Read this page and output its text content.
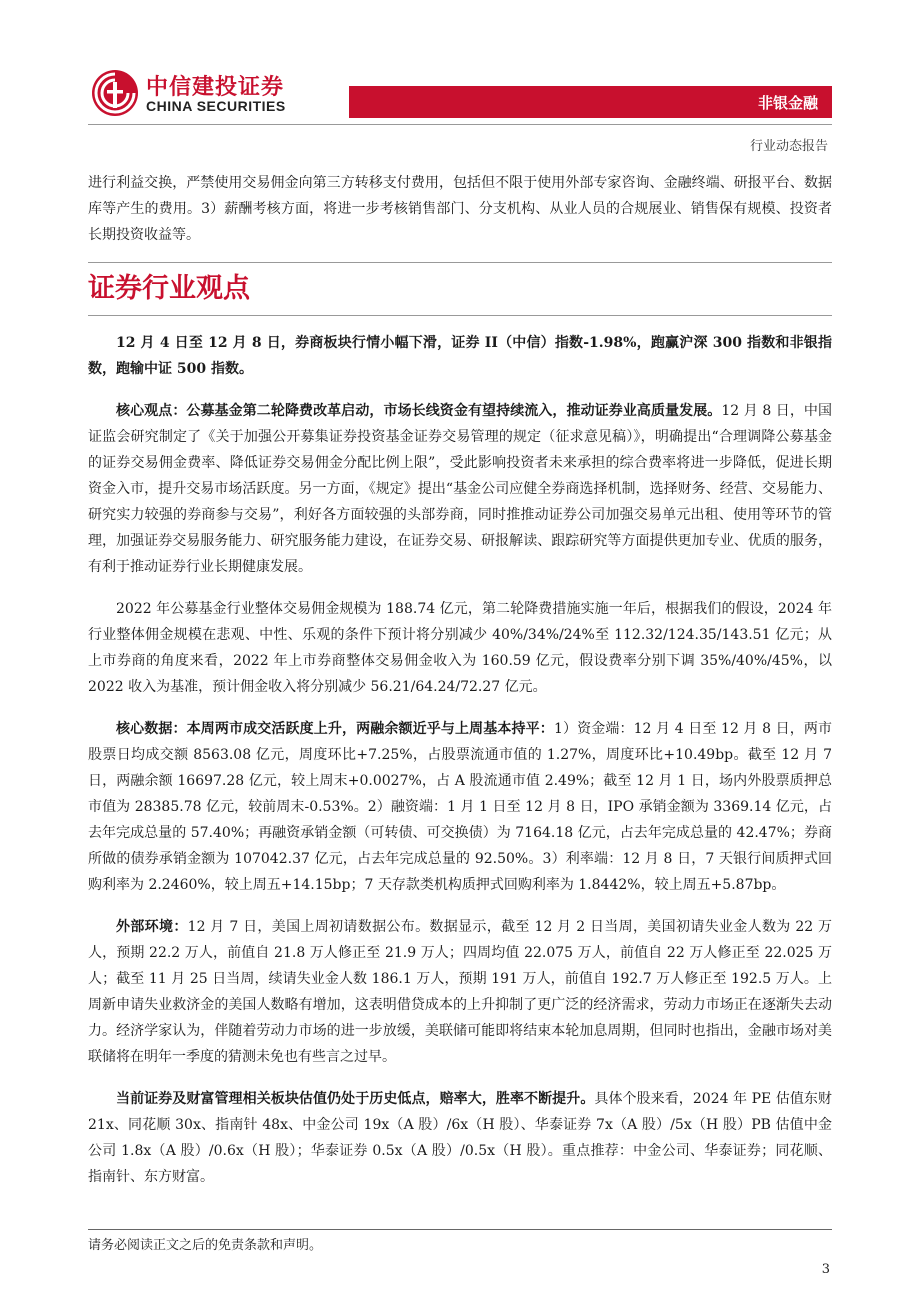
中信建投证券
CHINA SECURITIES	非银金融
行业动态报告

进行利益交换，严禁使用交易佣金向第三方转移支付费用，包括但不限于使用外部专家咨询、金融终端、研报平台、数据库等产生的费用。3）薪酬考核方面，将进一步考核销售部门、分支机构、从业人员的合规展业、销售保有规模、投资者长期投资收益等。

证券行业观点

12 月 4 日至 12 月 8 日，券商板块行情小幅下滑，证券 II（中信）指数-1.98%，跑赢沪深 300 指数和非银指数，跑输中证 500 指数。

核心观点：公募基金第二轮降费改革启动，市场长线资金有望持续流入，推动证券业高质量发展。12 月 8 日，中国证监会研究制定了《关于加强公开募集证券投资基金证券交易管理的规定（征求意见稿）》，明确提出“合理调降公募基金的证券交易佣金费率、降低证券交易佣金分配比例上限”，受此影响投资者未来承担的综合费率将进一步降低，促进长期资金入市，提升交易市场活跃度。另一方面，《规定》提出“基金公司应健全券商选择机制，选择财务、经营、交易能力、研究实力较强的券商参与交易”，利好各方面较强的头部券商，同时推推动证券公司加强交易单元出租、使用等环节的管理，加强证券交易服务能力、研究服务能力建设，在证券交易、研报解读、跟踪研究等方面提供更加专业、优质的服务，有利于推动证券行业长期健康发展。

2022 年公募基金行业整体交易佣金规模为 188.74 亿元，第二轮降费措施实施一年后，根据我们的假设，2024 年行业整体佣金规模在悲观、中性、乐观的条件下预计将分别减少 40%/34%/24%至 112.32/124.35/143.51 亿元；从上市券商的角度来看，2022 年上市券商整体交易佣金收入为 160.59 亿元，假设费率分别下调 35%/40%/45%，以 2022 收入为基准，预计佣金收入将分别减少 56.21/64.24/72.27 亿元。

核心数据：本周两市成交活跃度上升，两融余额近乎与上周基本持平：1）资金端：12 月 4 日至 12 月 8 日，两市股票日均成交额 8563.08 亿元，周度环比+7.25%，占股票流通市值的 1.27%，周度环比+10.49bp。截至 12 月 7 日，两融余额 16697.28 亿元，较上周末+0.0027%，占 A 股流通市值 2.49%；截至 12 月 1 日，场内外股票质押总市值为 28385.78 亿元，较前周末-0.53%。2）融资端：1 月 1 日至 12 月 8 日，IPO 承销金额为 3369.14 亿元，占去年完成总量的 57.40%；再融资承销金额（可转债、可交换债）为 7164.18 亿元，占去年完成总量的 42.47%；券商所做的债券承销金额为 107042.37 亿元，占去年完成总量的 92.50%。3）利率端：12 月 8 日，7 天银行间质押式回购利率为 2.2460%，较上周五+14.15bp；7 天存款类机构质押式回购利率为 1.8442%，较上周五+5.87bp。

外部环境：12 月 7 日，美国上周初请数据公布。数据显示，截至 12 月 2 日当周，美国初请失业金人数为 22 万人，预期 22.2 万人，前值自 21.8 万人修正至 21.9 万人；四周均值 22.075 万人，前值自 22 万人修正至 22.025 万人；截至 11 月 25 日当周，续请失业金人数 186.1 万人，预期 191 万人，前值自 192.7 万人修正至 192.5 万人。上周新申请失业救济金的美国人数略有增加，这表明借贷成本的上升抑制了更广泛的经济需求，劳动力市场正在逐渐失去动力。经济学家认为，伴随着劳动力市场的进一步放缓，美联储可能即将结束本轮加息周期，但同时也指出，金融市场对美联储将在明年一季度的猜测未免也有些言之过早。

当前证券及财富管理相关板块估值仍处于历史低点，赔率大，胜率不断提升。具体个股来看，2024 年 PE 估值东财 21x、同花顺 30x、指南针 48x、中金公司 19x（A 股）/6x（H 股）、华泰证券 7x（A 股）/5x（H 股）PB 估值中金公司 1.8x（A 股）/0.6x（H 股）；华泰证券 0.5x（A 股）/0.5x（H 股）。重点推荐：中金公司、华泰证券；同花顺、指南针、东方财富。

请务必阅读正文之后的免责条款和声明。
3
